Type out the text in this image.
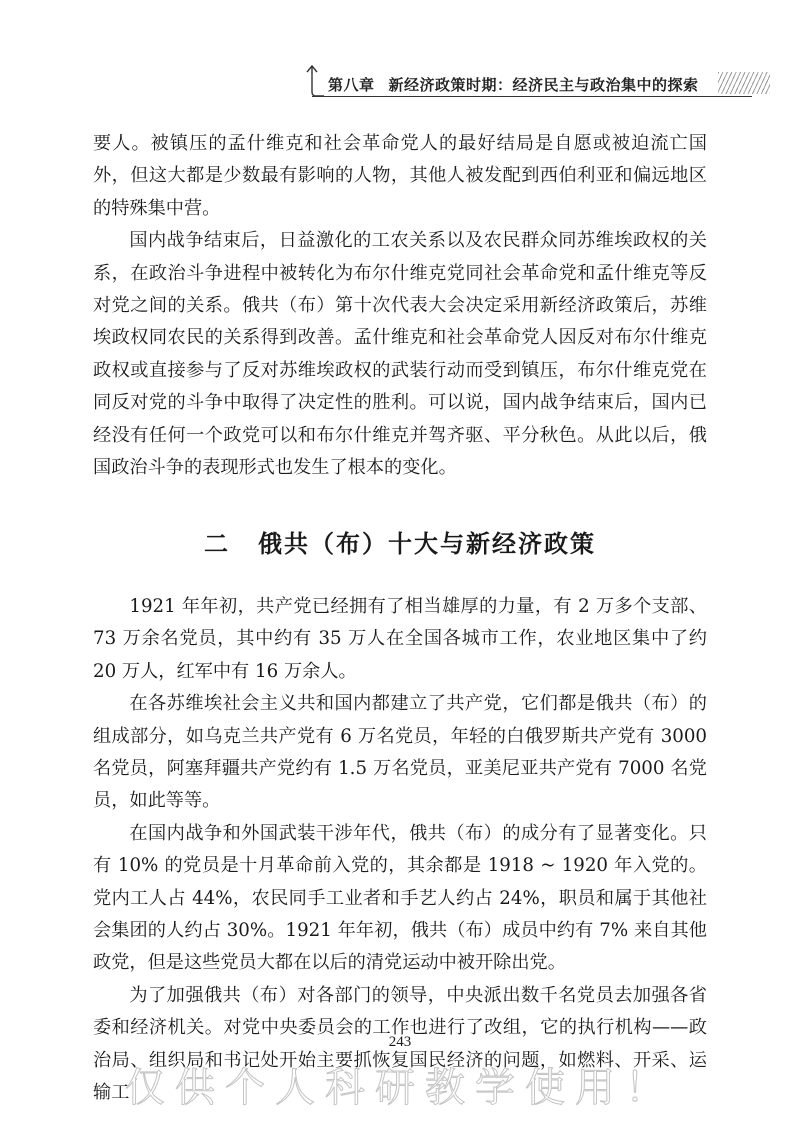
第八章 新经济政策时期：经济民主与政治集中的探索

要人。被镇压的孟什维克和社会革命党人的最好结局是自愿或被迫流亡国外，但这大都是少数最有影响的人物，其他人被发配到西伯利亚和偏远地区的特殊集中营。

国内战争结束后，日益激化的工农关系以及农民群众同苏维埃政权的关系，在政治斗争进程中被转化为布尔什维克党同社会革命党和孟什维克等反对党之间的关系。俄共（布）第十次代表大会决定采用新经济政策后，苏维埃政权同农民的关系得到改善。孟什维克和社会革命党人因反对布尔什维克政权或直接参与了反对苏维埃政权的武装行动而受到镇压，布尔什维克党在同反对党的斗争中取得了决定性的胜利。可以说，国内战争结束后，国内已经没有任何一个政党可以和布尔什维克并驾齐驱、平分秋色。从此以后，俄国政治斗争的表现形式也发生了根本的变化。

二 俄共（布）十大与新经济政策

1921 年年初，共产党已经拥有了相当雄厚的力量，有 2 万多个支部、73 万余名党员，其中约有 35 万人在全国各城市工作，农业地区集中了约 20 万人，红军中有 16 万余人。

在各苏维埃社会主义共和国内都建立了共产党，它们都是俄共（布）的组成部分，如乌克兰共产党有 6 万名党员，年轻的白俄罗斯共产党有 3000 名党员，阿塞拜疆共产党约有 1.5 万名党员，亚美尼亚共产党有 7000 名党员，如此等等。

在国内战争和外国武装干涉年代，俄共（布）的成分有了显著变化。只有 10% 的党员是十月革命前入党的，其余都是 1918 ~ 1920 年入党的。党内工人占 44%，农民同手工业者和手艺人约占 24%，职员和属于其他社会集团的人约占 30%。1921 年年初，俄共（布）成员中约有 7% 来自其他政党，但是这些党员大都在以后的清党运动中被开除出党。

为了加强俄共（布）对各部门的领导，中央派出数千名党员去加强各省委和经济机关。对党中央委员会的工作也进行了改组，它的执行机构——政治局、组织局和书记处开始主要抓恢复国民经济的问题，如燃料、开采、运输工

243
仅供个人科研教学使用！
